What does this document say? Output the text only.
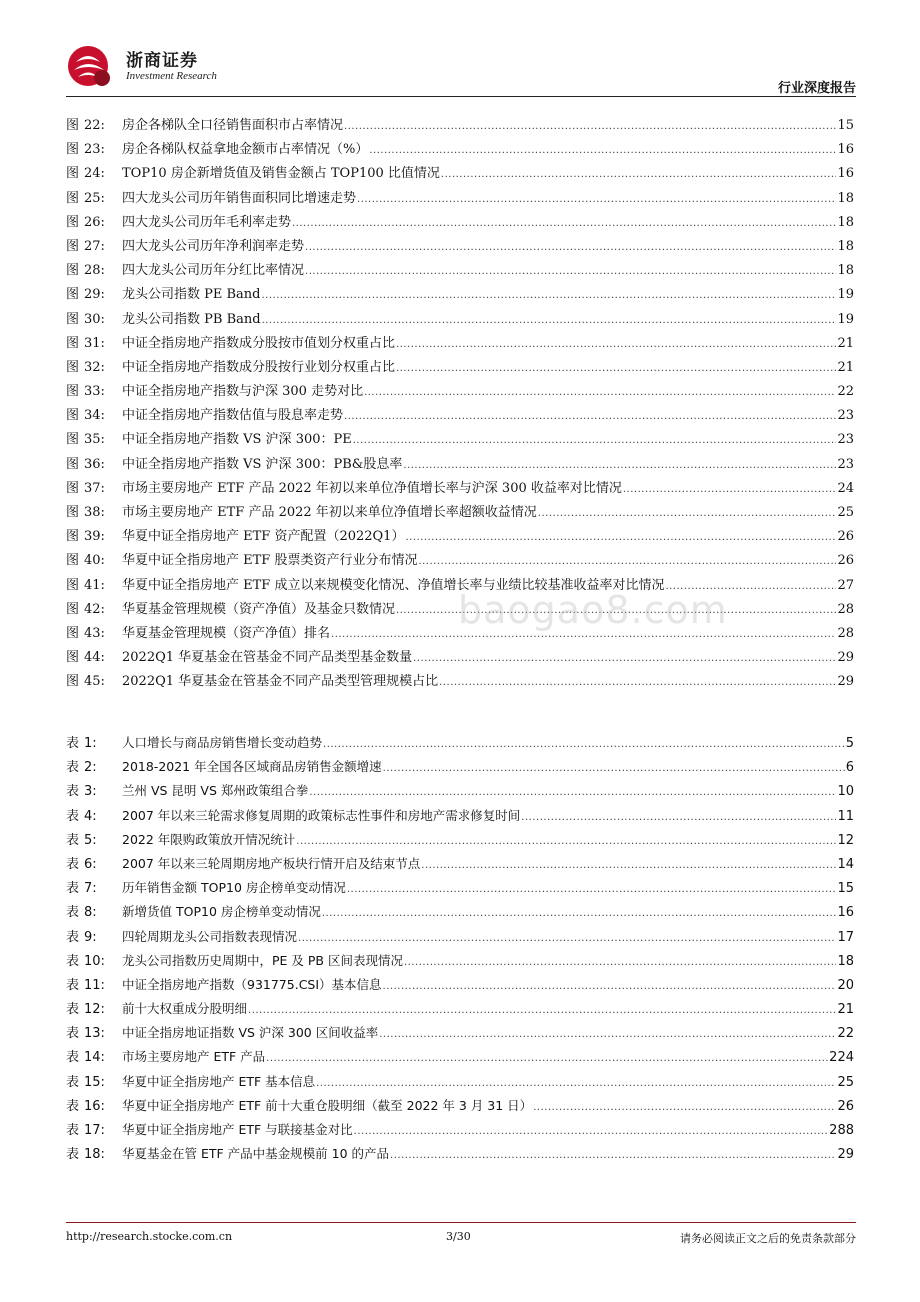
浙商证券
Investment Research
行业深度报告
图 22:	房企各梯队全口径销售面积市占率情况 .....	15
图 23:	房企各梯队权益拿地金额市占率情况（%） .....	16
图 24:	TOP10 房企新增货值及销售金额占 TOP100 比值情况 .....	16
图 25:	四大龙头公司历年销售面积同比增速走势 .....	18
图 26:	四大龙头公司历年毛利率走势 .....	18
图 27:	四大龙头公司历年净利润率走势 .....	18
图 28:	四大龙头公司历年分红比率情况 .....	18
图 29:	龙头公司指数 PE Band .....	19
图 30:	龙头公司指数 PB Band .....	19
图 31:	中证全指房地产指数成分股按市值划分权重占比 .....	21
图 32:	中证全指房地产指数成分股按行业划分权重占比 .....	21
图 33:	中证全指房地产指数与沪深 300 走势对比 .....	22
图 34:	中证全指房地产指数估值与股息率走势 .....	23
图 35:	中证全指房地产指数 VS 沪深 300：PE .....	23
图 36:	中证全指房地产指数 VS 沪深 300：PB&股息率 .....	23
图 37:	市场主要房地产 ETF 产品 2022 年初以来单位净值增长率与沪深 300 收益率对比情况 .....	24
图 38:	市场主要房地产 ETF 产品 2022 年初以来单位净值增长率超额收益情况 .....	25
图 39:	华夏中证全指房地产 ETF 资产配置（2022Q1） .....	26
图 40:	华夏中证全指房地产 ETF 股票类资产行业分布情况 .....	26
图 41:	华夏中证全指房地产 ETF 成立以来规模变化情况、净值增长率与业绩比较基准收益率对比情况 .....	27
图 42:	华夏基金管理规模（资产净值）及基金只数情况 .....	28
图 43:	华夏基金管理规模（资产净值）排名 .....	28
图 44:	2022Q1 华夏基金在管基金不同产品类型基金数量 .....	29
图 45:	2022Q1 华夏基金在管基金不同产品类型管理规模占比 .....	29
表 1:	人口增长与商品房销售增长变动趋势 .....	5
表 2:	2018-2021 年全国各区域商品房销售金额增速 .....	6
表 3:	兰州 VS 昆明 VS 郑州政策组合拳 .....	10
表 4:	2007 年以来三轮需求修复周期的政策标志性事件和房地产需求修复时间 .....	11
表 5:	2022 年限购政策放开情况统计 .....	12
表 6:	2007 年以来三轮周期房地产板块行情开启及结束节点 .....	14
表 7:	历年销售金额 TOP10 房企榜单变动情况 .....	15
表 8:	新增货值 TOP10 房企榜单变动情况 .....	16
表 9:	四轮周期龙头公司指数表现情况 .....	17
表 10:	龙头公司指数历史周期中，PE 及 PB 区间表现情况 .....	18
表 11:	中证全指房地产指数（931775.CSI）基本信息 .....	20
表 12:	前十大权重成分股明细 .....	21
表 13:	中证全指房地证指数 VS 沪深 300 区间收益率 .....	22
表 14:	市场主要房地产 ETF 产品 .....	224
表 15:	华夏中证全指房地产 ETF 基本信息 .....	25
表 16:	华夏中证全指房地产 ETF 前十大重仓股明细（截至 2022 年 3 月 31 日） .....	26
表 17:	华夏中证全指房地产 ETF 与联接基金对比 .....	288
表 18:	华夏基金在管 ETF 产品中基金规模前 10 的产品 .....	29
baogao8.com
http://research.stocke.com.cn	3/30	请务必阅读正文之后的免责条款部分
